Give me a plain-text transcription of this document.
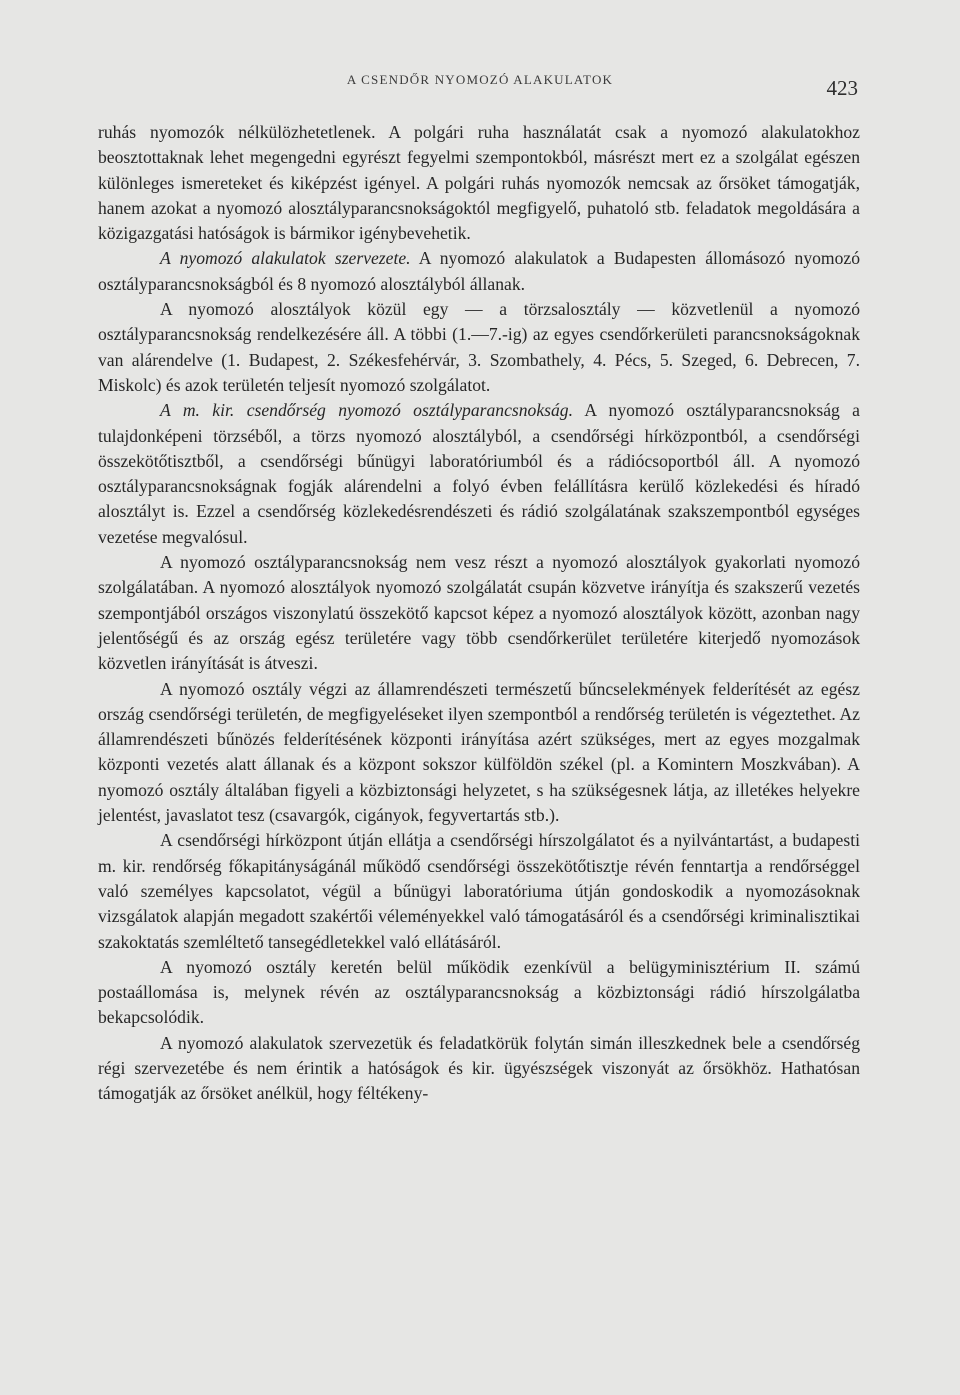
A CSENDŐR NYOMOZÓ ALAKULATOK	423

ruhás nyomozók nélkülözhetetlenek. A polgári ruha használatát csak a nyomozó alakulatokhoz beosztottaknak lehet megengedni egyrészt fegyelmi szempontokból, másrészt mert ez a szolgálat egészen különleges ismereteket és kiképzést igényel. A polgári ruhás nyomozók nemcsak az őrsöket támogatják, hanem azokat a nyomozó alosztályparancsnokságoktól megfigyelő, puhatoló stb. feladatok megoldására a közigazgatási hatóságok is bármikor igénybevehetik.

A nyomozó alakulatok szervezete. A nyomozó alakulatok a Budapesten állomásozó nyomozó osztályparancsnokságból és 8 nyomozó alosztályból állanak.

A nyomozó alosztályok közül egy — a törzsalosztály — közvetlenül a nyomozó osztályparancsnokság rendelkezésére áll. A többi (1.—7.-ig) az egyes csendőrkerületi parancsnokságoknak van alárendelve (1. Budapest, 2. Székesfehérvár, 3. Szombathely, 4. Pécs, 5. Szeged, 6. Debrecen, 7. Miskolc) és azok területén teljesít nyomozó szolgálatot.

A m. kir. csendőrség nyomozó osztályparancsnokság. A nyomozó osztályparancsnokság a tulajdonképeni törzséből, a törzs nyomozó alosztályból, a csendőrségi hírközpontból, a csendőrségi összekötőtisztből, a csendőrségi bűnügyi laboratóriumból és a rádiócsoportból áll. A nyomozó osztályparancsnokságnak fogják alárendelni a folyó évben felállításra kerülő közlekedési és híradó alosztályt is. Ezzel a csendőrség közlekedésrendészeti és rádió szolgálatának szakszempontból egységes vezetése megvalósul.

A nyomozó osztályparancsnokság nem vesz részt a nyomozó alosztályok gyakorlati nyomozó szolgálatában. A nyomozó alosztályok nyomozó szolgálatát csupán közvetve irányítja és szakszerű vezetés szempontjából országos viszonylatú összekötő kapcsot képez a nyomozó alosztályok között, azonban nagy jelentőségű és az ország egész területére vagy több csendőrkerület területére kiterjedő nyomozások közvetlen irányítását is átveszi.

A nyomozó osztály végzi az államrendészeti természetű bűncselekmények felderítését az egész ország csendőrségi területén, de megfigyeléseket ilyen szempontból a rendőrség területén is végeztethet. Az államrendészeti bűnözés felderítésének központi irányítása azért szükséges, mert az egyes mozgalmak központi vezetés alatt állanak és a központ sokszor külföldön székel (pl. a Komintern Moszkvában). A nyomozó osztály általában figyeli a közbiztonsági helyzetet, s ha szükségesnek látja, az illetékes helyekre jelentést, javaslatot tesz (csavargók, cigányok, fegyvertartás stb.).

A csendőrségi hírközpont útján ellátja a csendőrségi hírszolgálatot és a nyilvántartást, a budapesti m. kir. rendőrség főkapitányságánál működő csendőrségi összekötőtisztje révén fenntartja a rendőrséggel való személyes kapcsolatot, végül a bűnügyi laboratóriuma útján gondoskodik a nyomozásoknak vizsgálatok alapján megadott szakértői véleményekkel való támogatásáról és a csendőrségi kriminalisztikai szakoktatás szemléltető tansegédletekkel való ellátásáról.

A nyomozó osztály keretén belül működik ezenkívül a belügyminisztérium II. számú postaállomása is, melynek révén az osztályparancsnokság a közbiztonsági rádió hírszolgálatba bekapcsolódik.

A nyomozó alakulatok szervezetük és feladatkörük folytán simán illeszkednek bele a csendőrség régi szervezetébe és nem érintik a hatóságok és kir. ügyészségek viszonyát az őrsökhöz. Hathatósan támogatják az őrsöket anélkül, hogy féltékeny-
